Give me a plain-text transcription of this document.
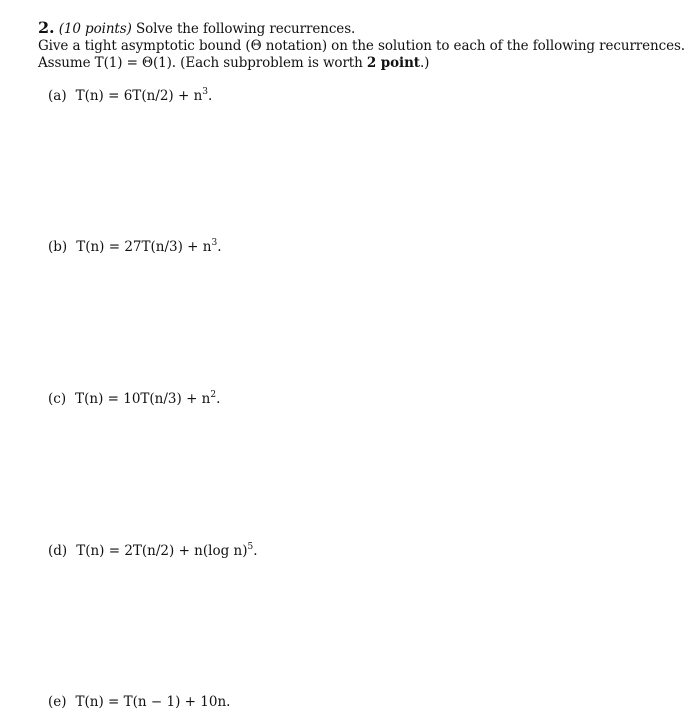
2. (10 points) Solve the following recurrences.
Give a tight asymptotic bound (Θ notation) on the solution to each of the following recurrences.
Assume T(1) = Θ(1). (Each subproblem is worth 2 point.)
(a) $T(n) = 6T(n/2) + n^3$.
(b) $T(n) = 27T(n/3) + n^3$.
(c) $T(n) = 10T(n/3) + n^2$.
(d) T(n) = 2T(n/2) + n(log n)$^5$.
(e) T(n) = T(n − 1) + 10n.
